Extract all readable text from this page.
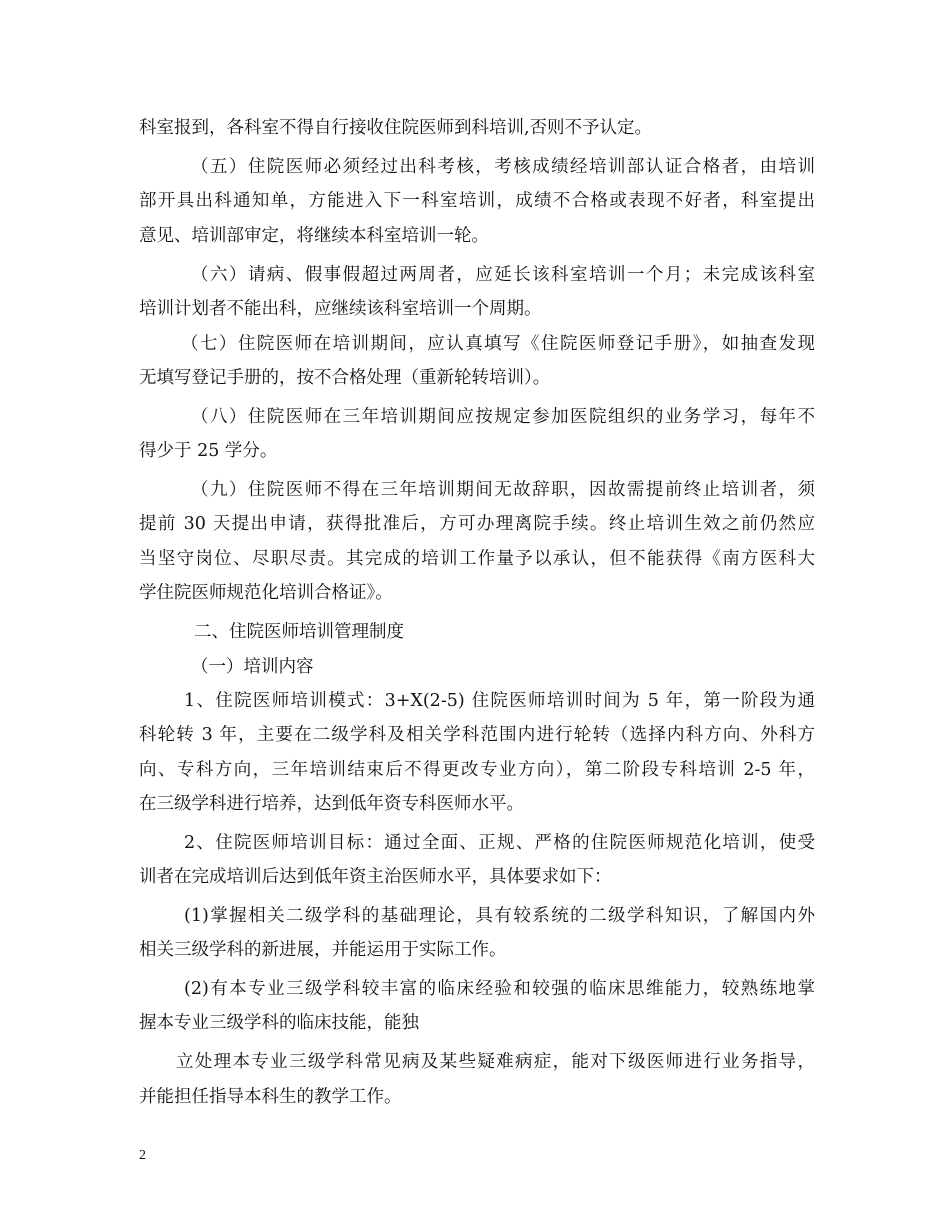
科室报到，各科室不得自行接收住院医师到科培训,否则不予认定。
（五）住院医师必须经过出科考核，考核成绩经培训部认证合格者，由培训
部开具出科通知单，方能进入下一科室培训，成绩不合格或表现不好者，科室提出
意见、培训部审定，将继续本科室培训一轮。
（六）请病、假事假超过两周者，应延长该科室培训一个月；未完成该科室
培训计划者不能出科，应继续该科室培训一个周期。
（七）住院医师在培训期间，应认真填写《住院医师登记手册》，如抽查发现
无填写登记手册的，按不合格处理（重新轮转培训）。
（八）住院医师在三年培训期间应按规定参加医院组织的业务学习，每年不
得少于 25 学分。
（九）住院医师不得在三年培训期间无故辞职，因故需提前终止培训者，须
提前 30 天提出申请，获得批准后，方可办理离院手续。终止培训生效之前仍然应
当坚守岗位、尽职尽责。其完成的培训工作量予以承认，但不能获得《南方医科大
学住院医师规范化培训合格证》。
二、住院医师培训管理制度
（一）培训内容
1、住院医师培训模式：3+X(2-5) 住院医师培训时间为 5 年，第一阶段为通
科轮转 3 年，主要在二级学科及相关学科范围内进行轮转（选择内科方向、外科方
向、专科方向，三年培训结束后不得更改专业方向），第二阶段专科培训 2-5 年，
在三级学科进行培养，达到低年资专科医师水平。
2、住院医师培训目标：通过全面、正规、严格的住院医师规范化培训，使受
训者在完成培训后达到低年资主治医师水平，具体要求如下：
(1)掌握相关二级学科的基础理论，具有较系统的二级学科知识，了解国内外
相关三级学科的新进展，并能运用于实际工作。
(2)有本专业三级学科较丰富的临床经验和较强的临床思维能力，较熟练地掌
握本专业三级学科的临床技能，能独
立处理本专业三级学科常见病及某些疑难病症，能对下级医师进行业务指导，
并能担任指导本科生的教学工作。
2
